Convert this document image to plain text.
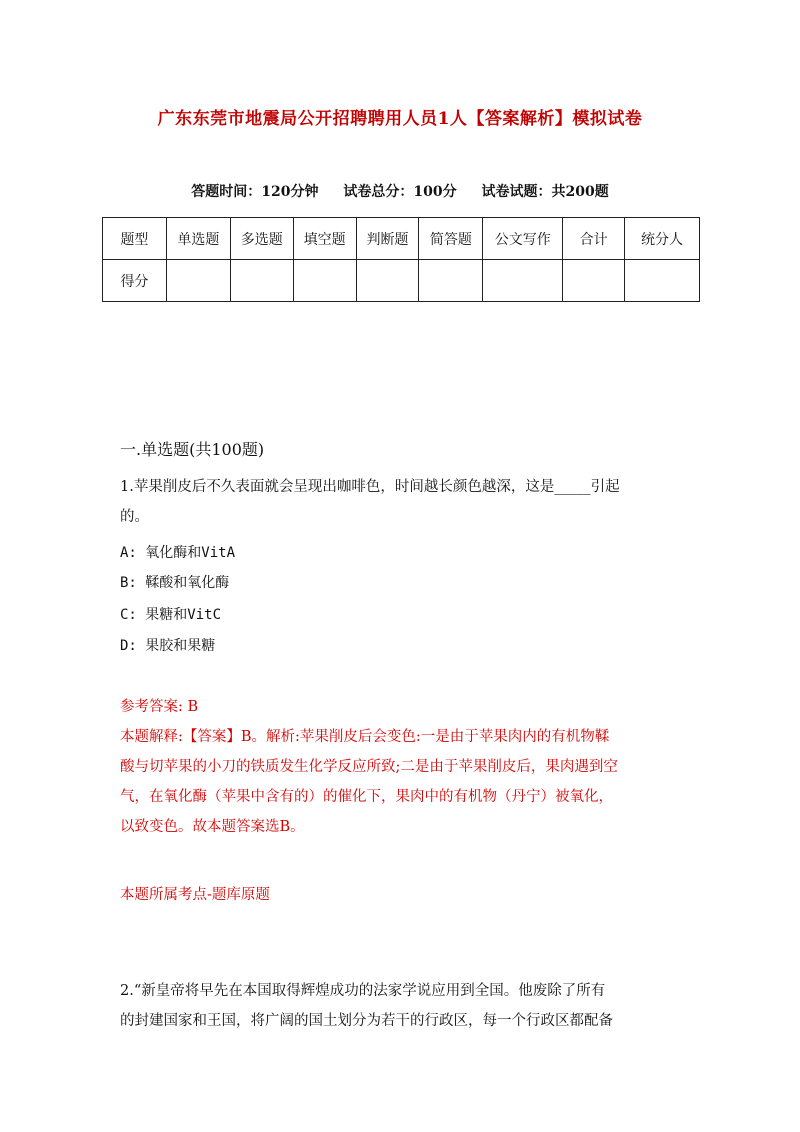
广东东莞市地震局公开招聘聘用人员1人【答案解析】模拟试卷
答题时间：120分钟 试卷总分：100分 试卷试题：共200题
题型	单选题	多选题	填空题	判断题	简答题	公文写作	合计	统分人
得分								
一.单选题(共100题)
1.苹果削皮后不久表面就会呈现出咖啡色，时间越长颜色越深，这是_____引起
的。
A: 氧化酶和VitA
B: 鞣酸和氧化酶
C: 果糖和VitC
D: 果胶和果糖
参考答案: B
本题解释:【答案】B。解析:苹果削皮后会变色:一是由于苹果肉内的有机物鞣
酸与切苹果的小刀的铁质发生化学反应所致;二是由于苹果削皮后，果肉遇到空
气，在氧化酶（苹果中含有的）的催化下，果肉中的有机物（丹宁）被氧化，
以致变色。故本题答案选B。
本题所属考点-题库原题
2.“新皇帝将早先在本国取得辉煌成功的法家学说应用到全国。他废除了所有
的封建国家和王国，将广阔的国土划分为若干的行政区，每一个行政区都配备
